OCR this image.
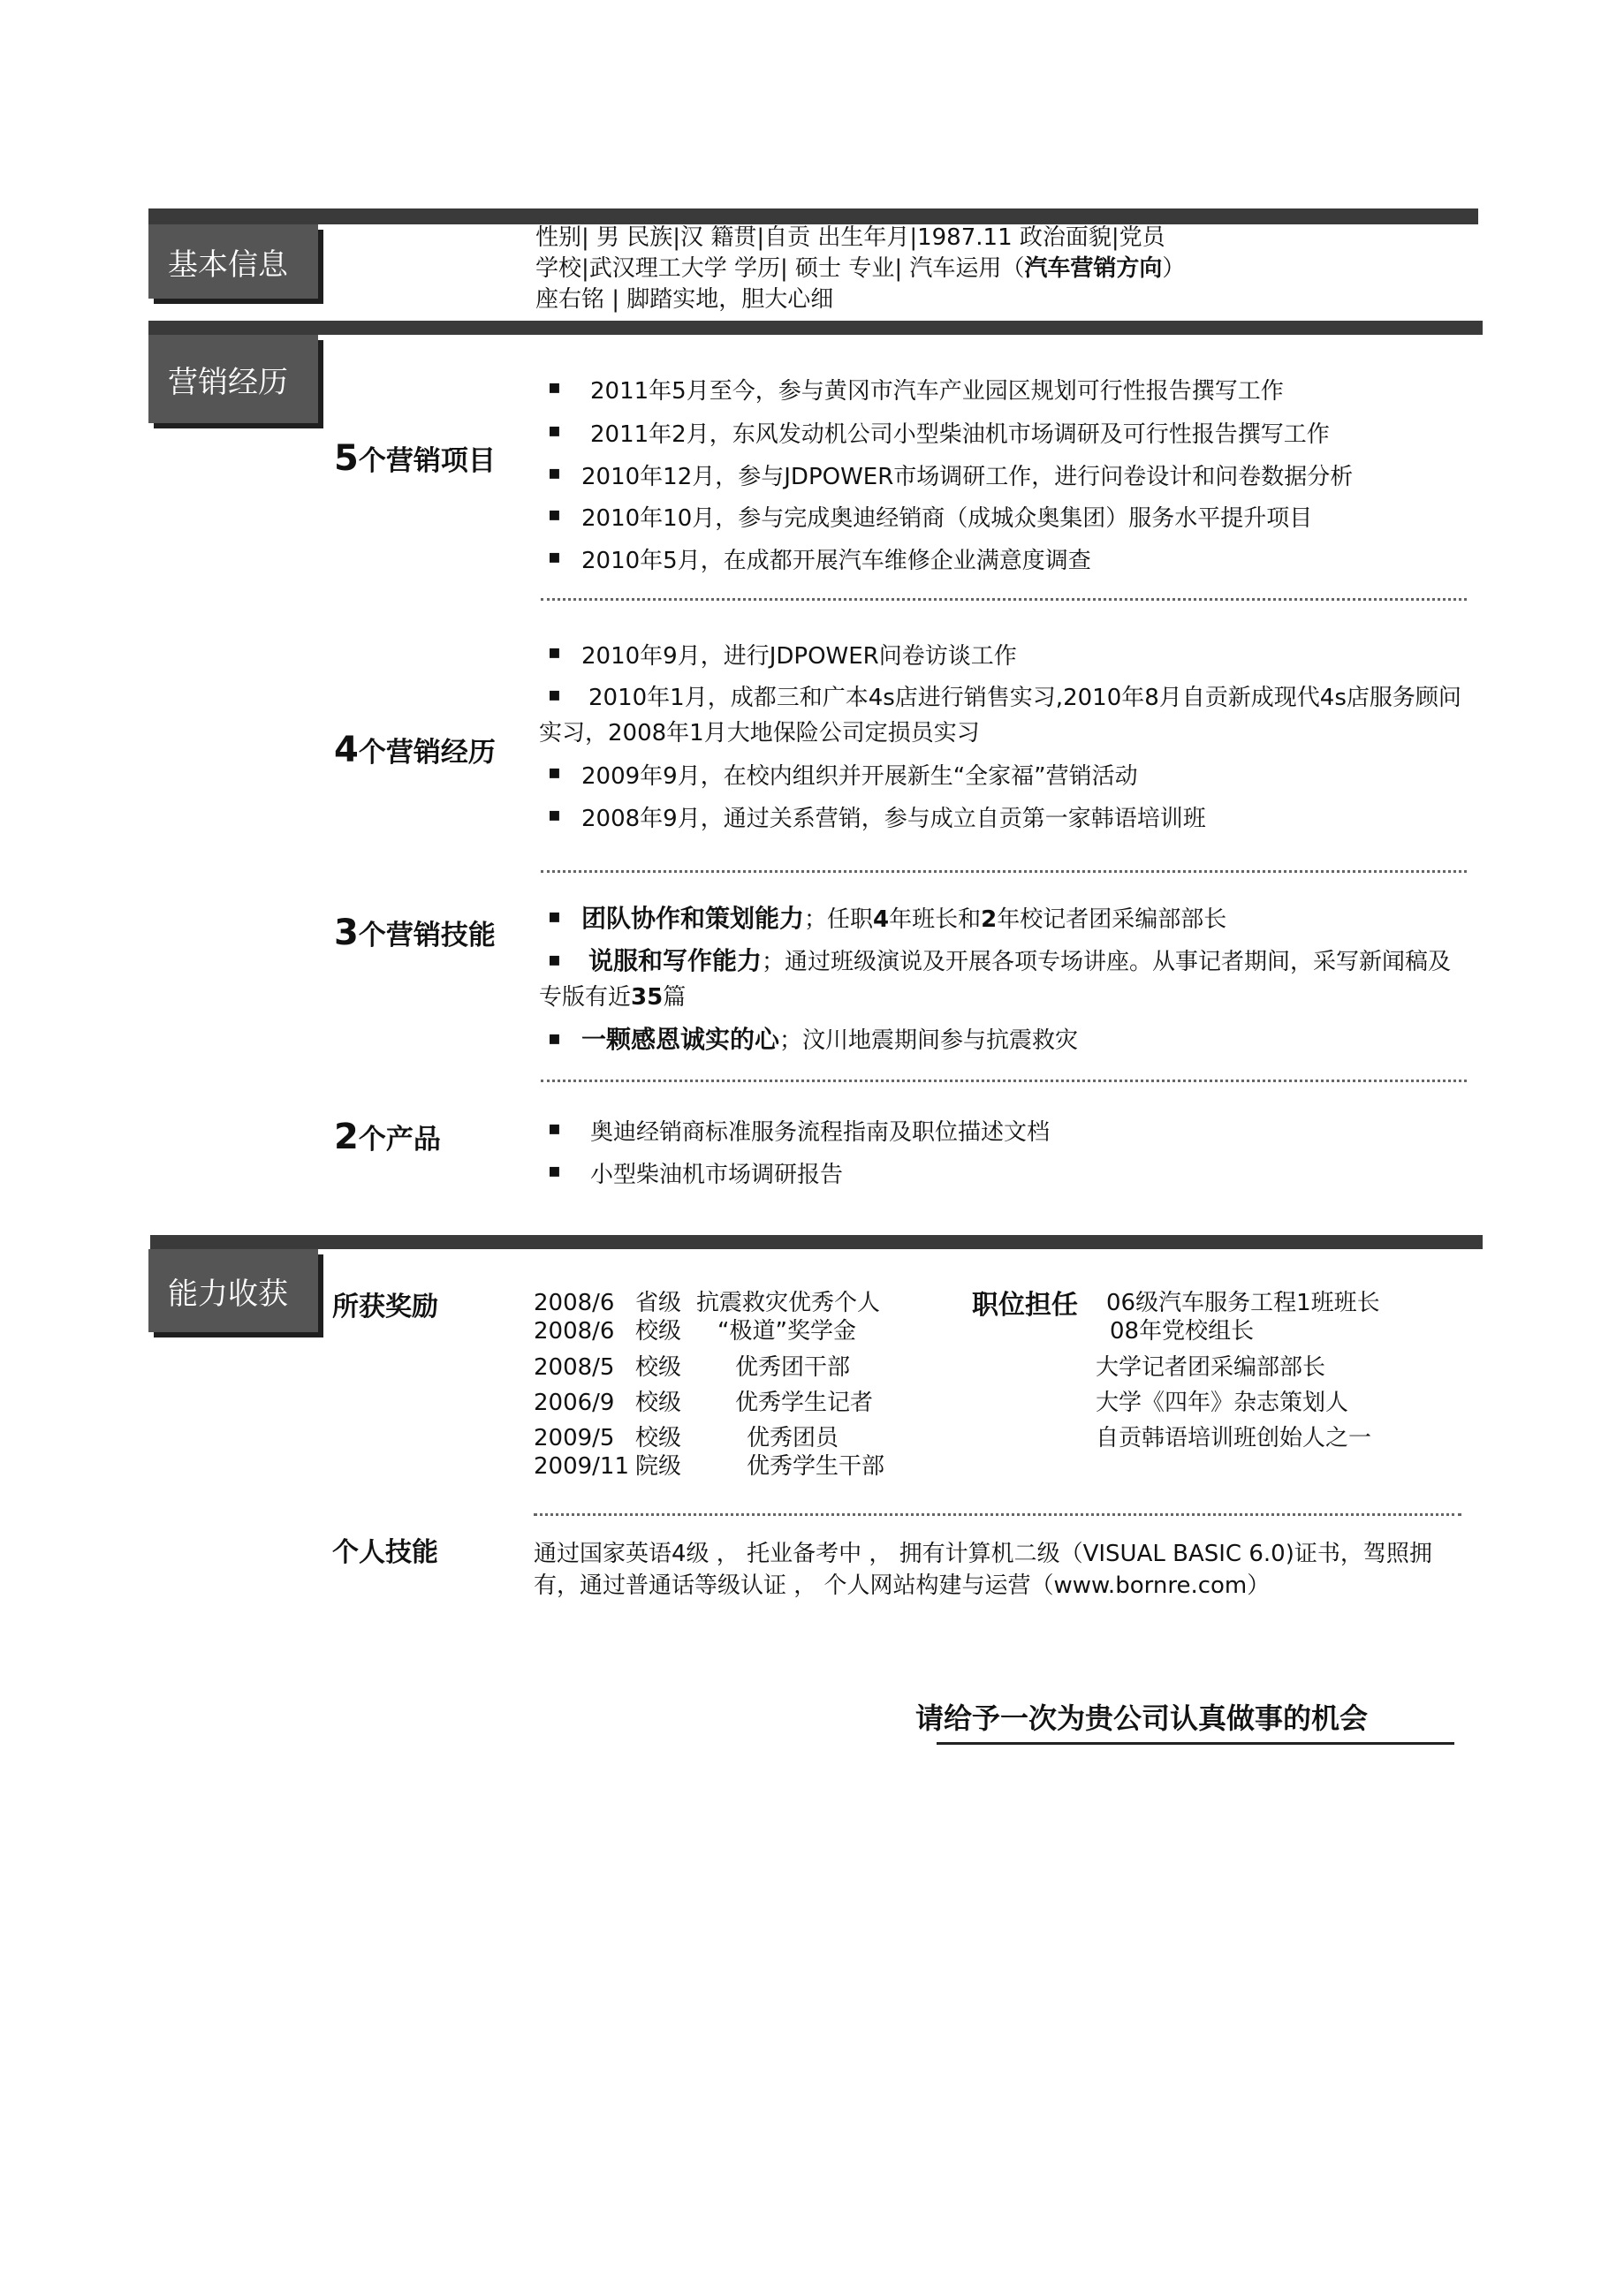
基本信息
性别| 男 民族|汉 籍贯|自贡 出生年月|1987.11 政治面貌|党员
学校|武汉理工大学 学历| 硕士 专业| 汽车运用（汽车营销方向）
座右铭 | 脚踏实地，胆大心细
营销经历
5个营销项目
▪ 2011年5月至今，参与黄冈市汽车产业园区规划可行性报告撰写工作
▪ 2011年2月，东风发动机公司小型柴油机市场调研及可行性报告撰写工作
▪ 2010年12月，参与JDPOWER市场调研工作，进行问卷设计和问卷数据分析
▪ 2010年10月，参与完成奥迪经销商（成城众奥集团）服务水平提升项目
▪ 2010年5月，在成都开展汽车维修企业满意度调查
4个营销经历
▪ 2010年9月，进行JDPOWER问卷访谈工作
▪	2010年1月，成都三和广本4s店进行销售实习,2010年8月自贡新成现代4s店服务顾问实习，2008年1月大地保险公司定损员实习
▪ 2009年9月，在校内组织并开展新生“全家福”营销活动
▪ 2008年9月，通过关系营销，参与成立自贡第一家韩语培训班
3个营销技能
▪ 团队协作和策划能力；任职4年班长和2年校记者团采编部部长
▪	说服和写作能力；通过班级演说及开展各项专场讲座。从事记者期间，采写新闻稿及专版有近35篇
▪ 一颗感恩诚实的心；汶川地震期间参与抗震救灾
2个产品	▪ 奥迪经销商标准服务流程指南及职位描述文档
▪ 小型柴油机市场调研报告
能力收获	所获奖励	2008/6 省级 抗震救灾优秀个人
2008/6 校级 “极道”奖学金
2008/5 校级 优秀团干部
2006/9 校级 优秀学生记者
2009/5 校级	优秀团员
2009/11 院级	优秀学生干部
职位担任 06级汽车服务工程1班班长
08年党校组长
大学记者团采编部部长
大学《四年》杂志策划人
自贡韩语培训班创始人之一
个人技能	通过国家英语4级 ， 托业备考中 ， 拥有计算机二级（VISUAL BASIC 6.0)证书，驾照拥有，通过普通话等级认证 ， 个人网站构建与运营（www.bornre.com）
请给予一次为贵公司认真做事的机会
